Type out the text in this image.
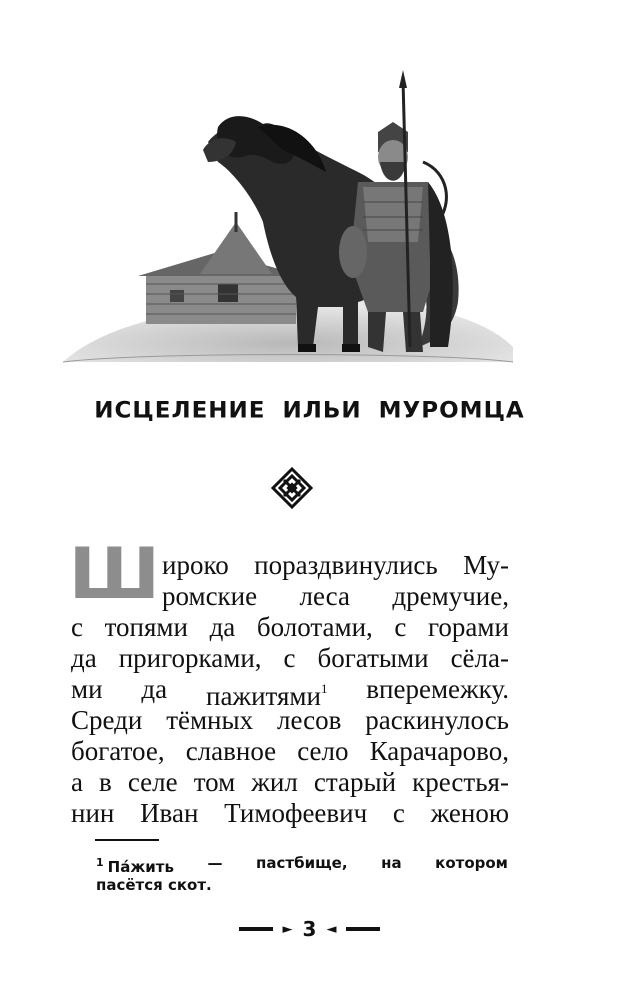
ИСЦЕЛЕНИЕ ИЛЬИ МУРОМЦА
Ш ироко пораздвинулись Му-
ромские леса дремучие,
с топями да болотами, с горами
да пригорками, с богатыми сёла-
ми да пажитями$^1$ вперемежку.
Среди тёмных лесов раскинулось
богатое, славное село Карачарово,
а в селе том жил старый крестья-
нин Иван Тимофеевич с женою
$^1$ Па́жить — пастбище, на котором
пасётся скот.
► 3 ◄
